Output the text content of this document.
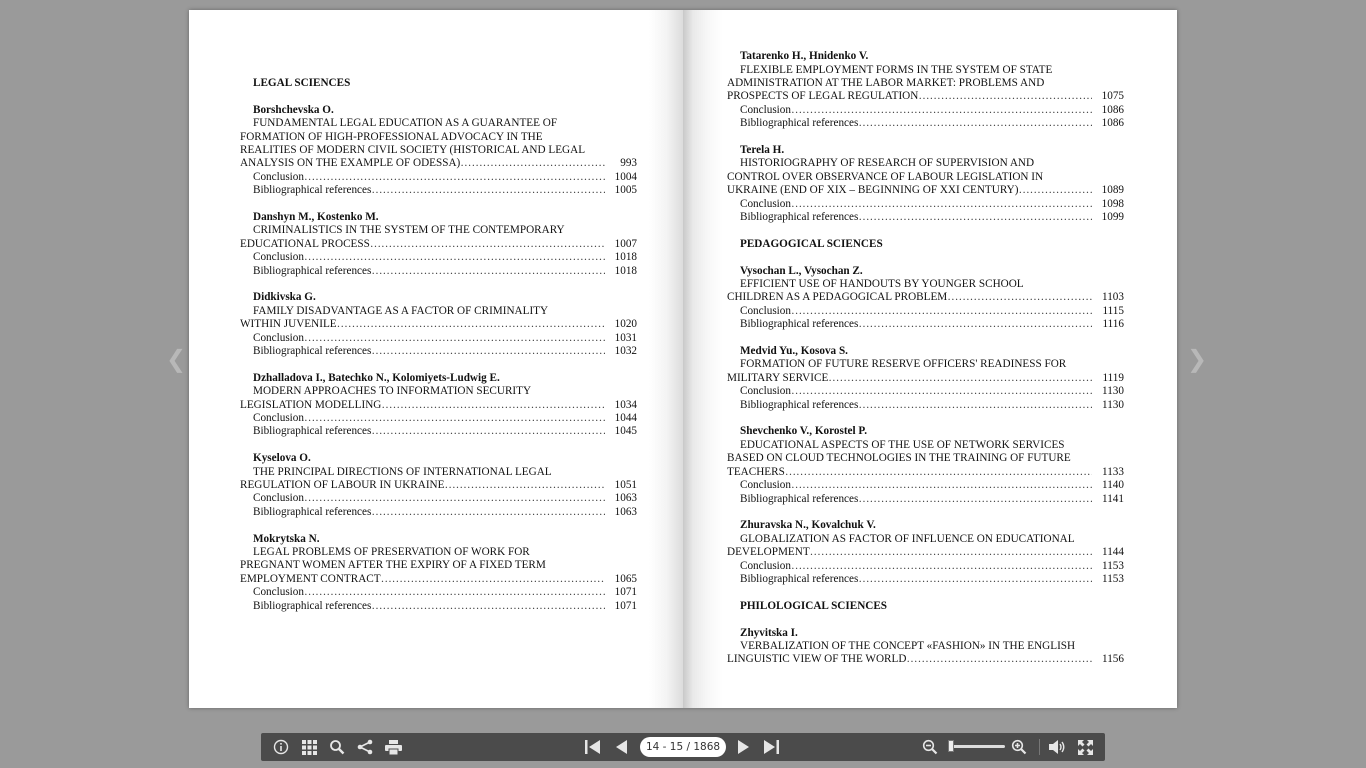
LEGAL SCIENCES
Borshchevska O.
FUNDAMENTAL LEGAL EDUCATION AS A GUARANTEE OF
FORMATION OF HIGH-PROFESSIONAL ADVOCACY IN THE
REALITIES OF MODERN CIVIL SOCIETY (HISTORICAL AND LEGAL
ANALYSIS ON THE EXAMPLE OF ODESSA) …………………………………………………………………………………………………………………………………………………………………	993
Conclusion …………………………………………………………………………………………………………………………………………………………………	1004
Bibliographical references …………………………………………………………………………………………………………………………………………………………………	1005
Danshyn M., Kostenko M.
CRIMINALISTICS IN THE SYSTEM OF THE CONTEMPORARY
EDUCATIONAL PROCESS …………………………………………………………………………………………………………………………………………………………………	1007
Conclusion …………………………………………………………………………………………………………………………………………………………………	1018
Bibliographical references …………………………………………………………………………………………………………………………………………………………………	1018
Didkivska G.
FAMILY DISADVANTAGE AS A FACTOR OF CRIMINALITY
WITHIN JUVENILE …………………………………………………………………………………………………………………………………………………………………	1020
Conclusion …………………………………………………………………………………………………………………………………………………………………	1031
Bibliographical references …………………………………………………………………………………………………………………………………………………………………	1032
Dzhalladova I., Batechko N., Kolomiyets-Ludwig E.
MODERN APPROACHES TO INFORMATION SECURITY
LEGISLATION MODELLING …………………………………………………………………………………………………………………………………………………………………	1034
Conclusion …………………………………………………………………………………………………………………………………………………………………	1044
Bibliographical references …………………………………………………………………………………………………………………………………………………………………	1045
Kyselova O.
THE PRINCIPAL DIRECTIONS OF INTERNATIONAL LEGAL
REGULATION OF LABOUR IN UKRAINE …………………………………………………………………………………………………………………………………………………………………	1051
Conclusion …………………………………………………………………………………………………………………………………………………………………	1063
Bibliographical references …………………………………………………………………………………………………………………………………………………………………	1063
Mokrytska N.
LEGAL PROBLEMS OF PRESERVATION OF WORK FOR
PREGNANT WOMEN AFTER THE EXPIRY OF A FIXED TERM
EMPLOYMENT CONTRACT …………………………………………………………………………………………………………………………………………………………………	1065
Conclusion …………………………………………………………………………………………………………………………………………………………………	1071
Bibliographical references …………………………………………………………………………………………………………………………………………………………………	1071
Tatarenko H., Hnidenko V.
FLEXIBLE EMPLOYMENT FORMS IN THE SYSTEM OF STATE
ADMINISTRATION AT THE LABOR MARKET: PROBLEMS AND
PROSPECTS OF LEGAL REGULATION …………………………………………………………………………………………………………………………………………………………………	1075
Conclusion …………………………………………………………………………………………………………………………………………………………………	1086
Bibliographical references …………………………………………………………………………………………………………………………………………………………………	1086
Terela H.
HISTORIOGRAPHY OF RESEARCH OF SUPERVISION AND
CONTROL OVER OBSERVANCE OF LABOUR LEGISLATION IN
UKRAINE (END OF XIX – BEGINNING OF XXI CENTURY) …………………………………………………………………………………………………………………………………………………………………	1089
Conclusion …………………………………………………………………………………………………………………………………………………………………	1098
Bibliographical references …………………………………………………………………………………………………………………………………………………………………	1099
PEDAGOGICAL SCIENCES
Vysochan L., Vysochan Z.
EFFICIENT USE OF HANDOUTS BY YOUNGER SCHOOL
CHILDREN AS A PEDAGOGICAL PROBLEM …………………………………………………………………………………………………………………………………………………………………	1103
Conclusion …………………………………………………………………………………………………………………………………………………………………	1115
Bibliographical references …………………………………………………………………………………………………………………………………………………………………	1116
Medvid Yu., Kosova S.
FORMATION OF FUTURE RESERVE OFFICERS' READINESS FOR
MILITARY SERVICE …………………………………………………………………………………………………………………………………………………………………	1119
Conclusion …………………………………………………………………………………………………………………………………………………………………	1130
Bibliographical references …………………………………………………………………………………………………………………………………………………………………	1130
Shevchenko V., Korostel P.
EDUCATIONAL ASPECTS OF THE USE OF NETWORK SERVICES
BASED ON CLOUD TECHNOLOGIES IN THE TRAINING OF FUTURE
TEACHERS …………………………………………………………………………………………………………………………………………………………………	1133
Conclusion …………………………………………………………………………………………………………………………………………………………………	1140
Bibliographical references …………………………………………………………………………………………………………………………………………………………………	1141
Zhuravska N., Kovalchuk V.
GLOBALIZATION AS FACTOR OF INFLUENCE ON EDUCATIONAL
DEVELOPMENT …………………………………………………………………………………………………………………………………………………………………	1144
Conclusion …………………………………………………………………………………………………………………………………………………………………	1153
Bibliographical references …………………………………………………………………………………………………………………………………………………………………	1153
PHILOLOGICAL SCIENCES
Zhyvitska I.
VERBALIZATION OF THE CONCEPT «FASHION» IN THE ENGLISH
LINGUISTIC VIEW OF THE WORLD …………………………………………………………………………………………………………………………………………………………………	1156
❮	❯
14 - 15 / 1868
